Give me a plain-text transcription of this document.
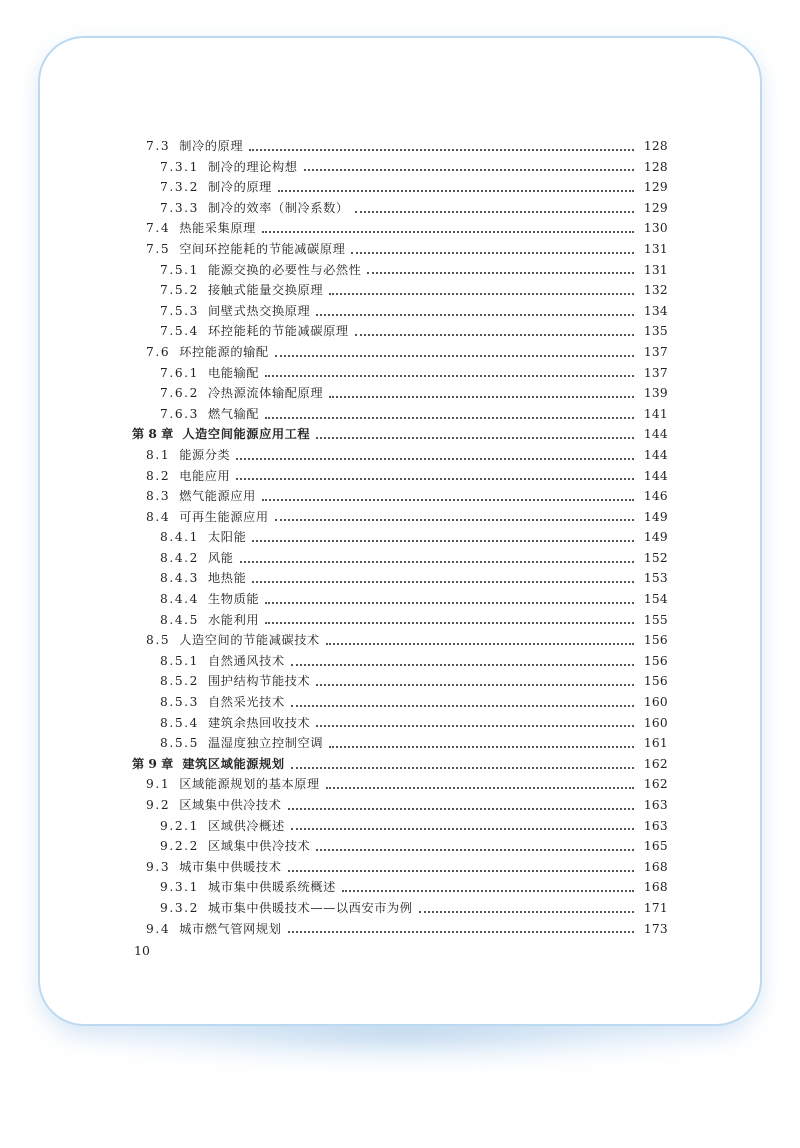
7.3 制冷的原理	128
7.3.1 制冷的理论构想	128
7.3.2 制冷的原理	129
7.3.3 制冷的效率（制冷系数）	129
7.4 热能采集原理	130
7.5 空间环控能耗的节能减碳原理	131
7.5.1 能源交换的必要性与必然性	131
7.5.2 接触式能量交换原理	132
7.5.3 间壁式热交换原理	134
7.5.4 环控能耗的节能减碳原理	135
7.6 环控能源的输配	137
7.6.1 电能输配	137
7.6.2 冷热源流体输配原理	139
7.6.3 燃气输配	141
第 8 章 人造空间能源应用工程	144
8.1 能源分类	144
8.2 电能应用	144
8.3 燃气能源应用	146
8.4 可再生能源应用	149
8.4.1 太阳能	149
8.4.2 风能	152
8.4.3 地热能	153
8.4.4 生物质能	154
8.4.5 水能利用	155
8.5 人造空间的节能减碳技术	156
8.5.1 自然通风技术	156
8.5.2 围护结构节能技术	156
8.5.3 自然采光技术	160
8.5.4 建筑余热回收技术	160
8.5.5 温湿度独立控制空调	161
第 9 章 建筑区域能源规划	162
9.1 区域能源规划的基本原理	162
9.2 区域集中供冷技术	163
9.2.1 区域供冷概述	163
9.2.2 区域集中供冷技术	165
9.3 城市集中供暖技术	168
9.3.1 城市集中供暖系统概述	168
9.3.2 城市集中供暖技术——以西安市为例	171
9.4 城市燃气管网规划	173
10
